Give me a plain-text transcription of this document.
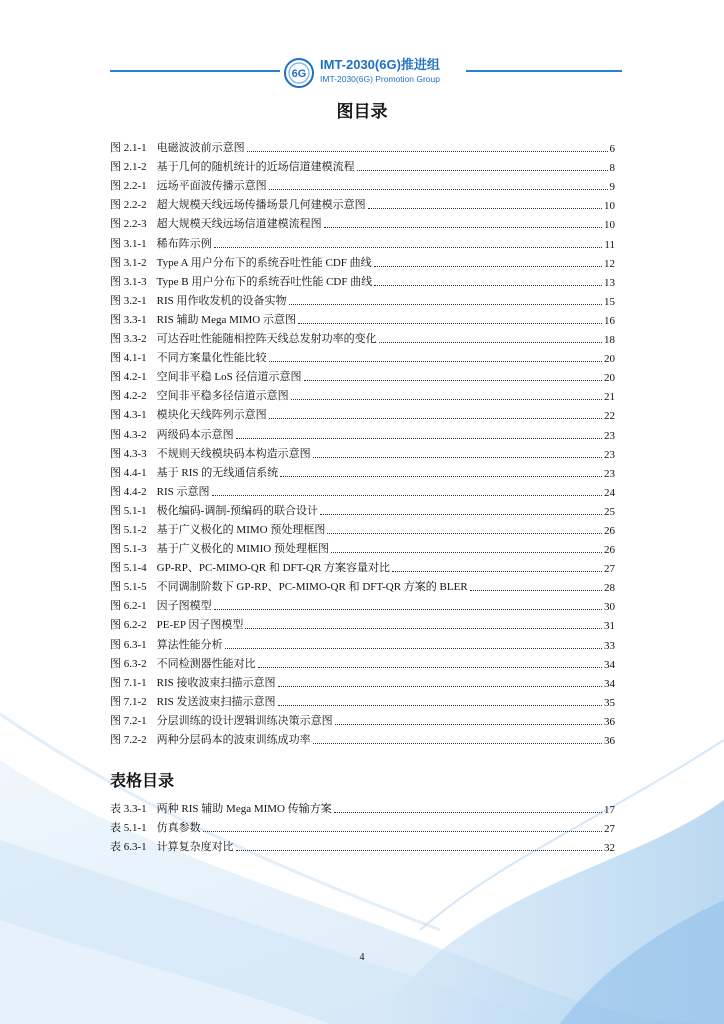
6G
IMT-2030(6G)推进组
IMT-2030(6G) Promotion Group
图目录
图 2.1-1 电磁波波前示意图	6
图 2.1-2 基于几何的随机统计的近场信道建模流程	8
图 2.2-1 远场平面波传播示意图	9
图 2.2-2 超大规模天线远场传播场景几何建模示意图	10
图 2.2-3 超大规模天线远场信道建模流程图	10
图 3.1-1 稀布阵示例	11
图 3.1-2 Type A 用户分布下的系统吞吐性能 CDF 曲线	12
图 3.1-3 Type B 用户分布下的系统吞吐性能 CDF 曲线	13
图 3.2-1 RIS 用作收发机的设备实物	15
图 3.3-1 RIS 辅助 Mega MIMO 示意图	16
图 3.3-2 可达吞吐性能随相控阵天线总发射功率的变化	18
图 4.1-1 不同方案量化性能比较	20
图 4.2-1 空间非平稳 LoS 径信道示意图	20
图 4.2-2 空间非平稳多径信道示意图	21
图 4.3-1 模块化天线阵列示意图	22
图 4.3-2 两级码本示意图	23
图 4.3-3 不规则天线模块码本构造示意图	23
图 4.4-1 基于 RIS 的无线通信系统	23
图 4.4-2 RIS 示意图	24
图 5.1-1 极化编码-调制-预编码的联合设计	25
图 5.1-2 基于广义极化的 MIMO 预处理框图	26
图 5.1-3 基于广义极化的 MIMIO 预处理框图	26
图 5.1-4 GP-RP、PC-MIMO-QR 和 DFT-QR 方案容量对比	27
图 5.1-5 不同调制阶数下 GP-RP、PC-MIMO-QR 和 DFT-QR 方案的 BLER	28
图 6.2-1 因子图模型	30
图 6.2-2 PE-EP 因子图模型	31
图 6.3-1 算法性能分析	33
图 6.3-2 不同检测器性能对比	34
图 7.1-1 RIS 接收波束扫描示意图	34
图 7.1-2 RIS 发送波束扫描示意图	35
图 7.2-1 分层训练的设计逻辑训练决策示意图	36
图 7.2-2 两种分层码本的波束训练成功率	36
表格目录
表 3.3-1 两种 RIS 辅助 Mega MIMO 传输方案	17
表 5.1-1 仿真参数	27
表 6.3-1 计算复杂度对比	32
4
